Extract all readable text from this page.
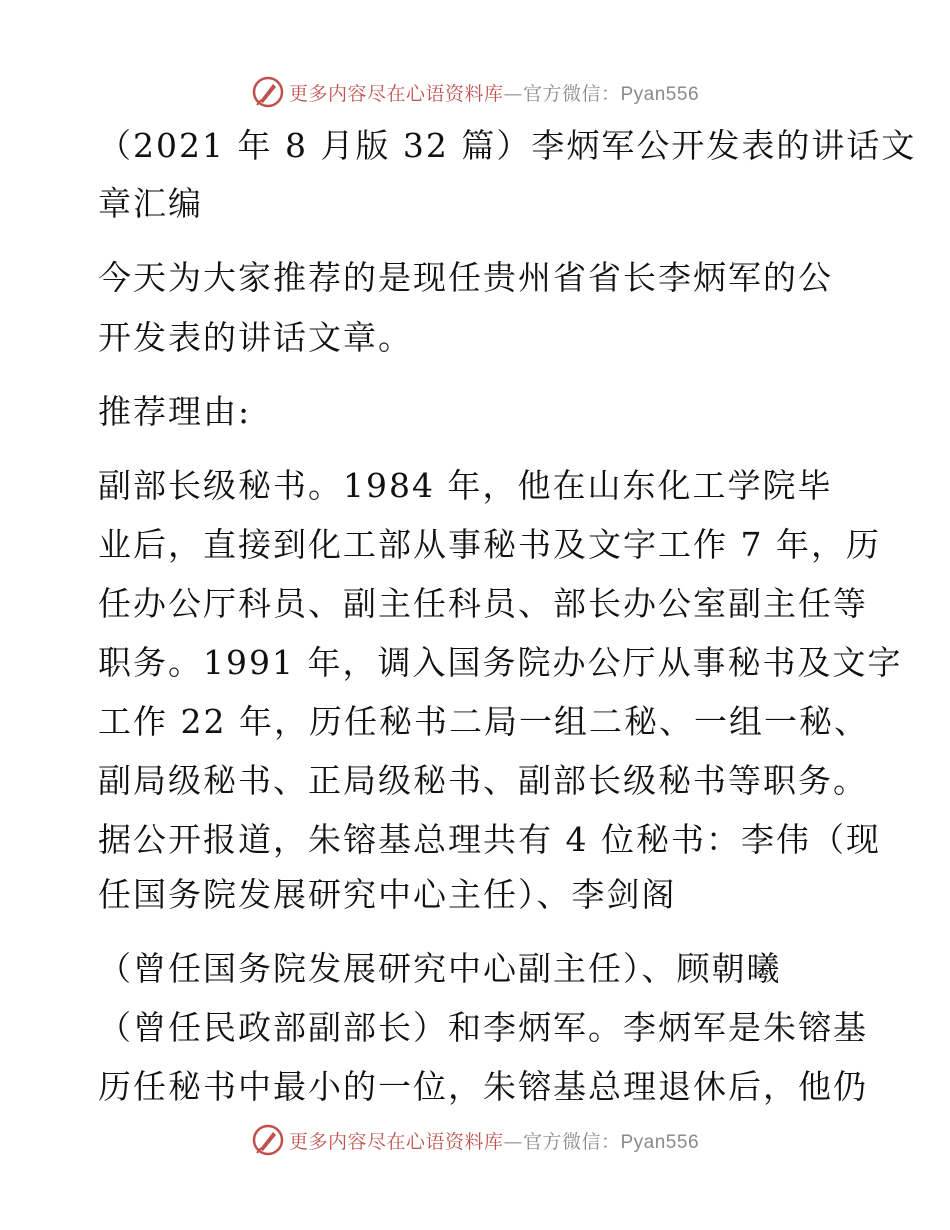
更多内容尽在心语资料库—官方微信：Pyan556
（2021 年 8 月版 32 篇）李炳军公开发表的讲话文
章汇编
今天为大家推荐的是现任贵州省省长李炳军的公
开发表的讲话文章。
推荐理由:
副部长级秘书。1984 年，他在山东化工学院毕
业后，直接到化工部从事秘书及文字工作 7 年，历
任办公厅科员、副主任科员、部长办公室副主任等
职务。1991 年，调入国务院办公厅从事秘书及文字
工作 22 年，历任秘书二局一组二秘、一组一秘、
副局级秘书、正局级秘书、副部长级秘书等职务。
据公开报道，朱镕基总理共有 4 位秘书：李伟（现
任国务院发展研究中心主任）、李剑阁
（曾任国务院发展研究中心副主任）、顾朝曦
（曾任民政部副部长）和李炳军。李炳军是朱镕基
历任秘书中最小的一位，朱镕基总理退休后，他仍
更多内容尽在心语资料库—官方微信：Pyan556
